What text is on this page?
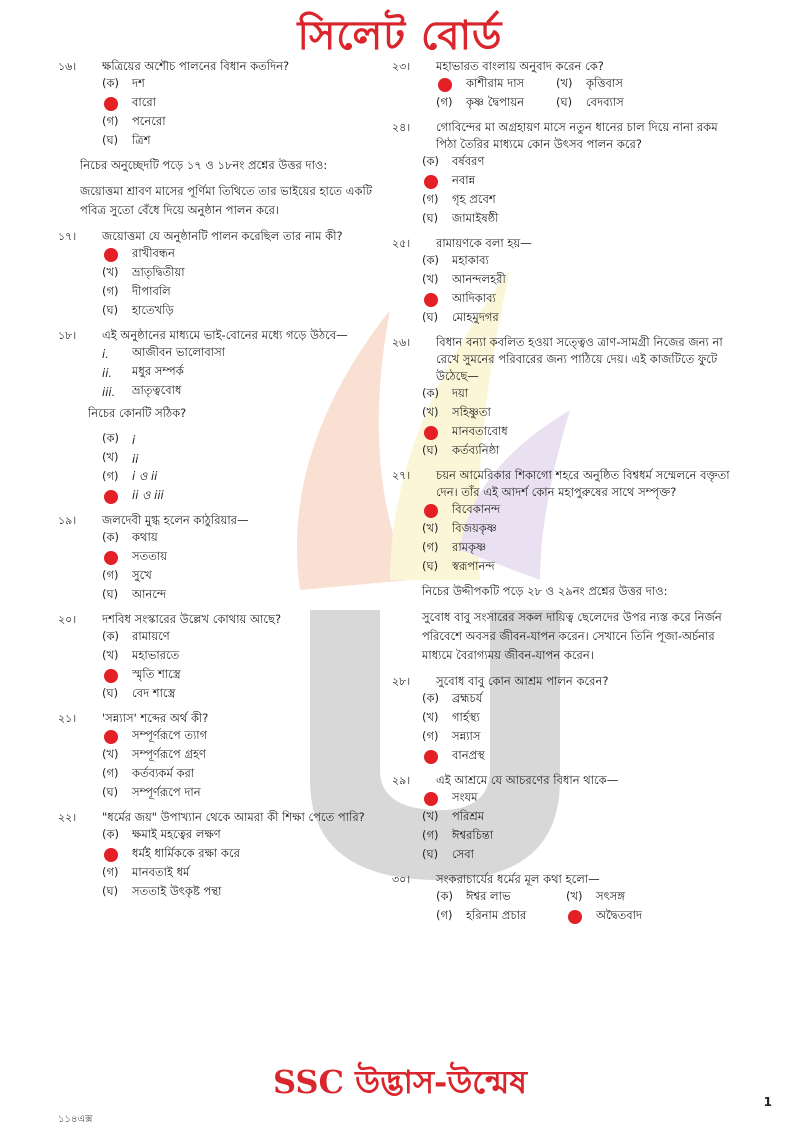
সিলেট বোর্ড
১৬।	ক্ষত্রিয়ের অশৌচ পালনের বিধান কতদিন?
(ক)	দশ
বারো
(গ)	পনেরো
(ঘ)	ত্রিশ
নিচের অনুচ্ছেদটি পড়ে ১৭ ও ১৮নং প্রশ্নের উত্তর দাও:
জয়োত্তমা শ্রাবণ মাসের পূর্ণিমা তিথিতে তার ভাইয়ের হাতে একটি পবিত্র সুতো বেঁধে দিয়ে অনুষ্ঠান পালন করে।
১৭।	জয়োত্তমা যে অনুষ্ঠানটি পালন করেছিল তার নাম কী?
রাখীবন্ধন
(খ)	ভ্রাতৃদ্বিতীয়া
(গ)	দীপাবলি
(ঘ)	হাতেখড়ি
১৮।	এই অনুষ্ঠানের মাধ্যমে ভাই-বোনের মধ্যে গড়ে উঠবে—
i.	আজীবন ভালোবাসা
ii.	মধুর সম্পর্ক
iii.	ভ্রাতৃত্ববোধ
নিচের কোনটি সঠিক?
(ক)	i
(খ)	ii
(গ)	i ও ii
ii ও iii
১৯।	জলদেবী মুগ্ধ হলেন কাঠুরিয়ার—
(ক)	কথায়
সততায়
(গ)	সুখে
(ঘ)	আনন্দে
২০।	দশবিধ সংস্কারের উল্লেখ কোথায় আছে?
(ক)	রামায়ণে
(খ)	মহাভারতে
স্মৃতি শাস্ত্রে
(ঘ)	বেদ শাস্ত্রে
২১।	'সন্ন্যাস' শব্দের অর্থ কী?
সম্পূর্ণরূপে ত্যাগ
(খ)	সম্পূর্ণরূপে গ্রহণ
(গ)	কর্তব্যকর্ম করা
(ঘ)	সম্পূর্ণরূপে দান
২২।	"ধর্মের জয়" উপাখ্যান থেকে আমরা কী শিক্ষা পেতে পারি?
(ক)	ক্ষমাই মহত্বের লক্ষণ
ধর্মই ধার্মিককে রক্ষা করে
(গ)	মানবতাই ধর্ম
(ঘ)	সততাই উৎকৃষ্ট পন্থা
২৩।	মহাভারত বাংলায় অনুবাদ করেন কে?
কাশীরাম দাস	(খ)	কৃত্তিবাস
(গ)	কৃষ্ণ দ্বৈপায়ন	(ঘ)	বেদব্যাস
২৪।	গোবিন্দের মা অগ্রহায়ণ মাসে নতুন ধানের চাল দিয়ে নানা রকম পিঠা তৈরির মাধ্যমে কোন উৎসব পালন করে?
(ক)	বর্ষবরণ
নবান্ন
(গ)	গৃহ প্রবেশ
(ঘ)	জামাইষষ্ঠী
২৫।	রামায়ণকে বলা হয়—
(ক)	মহাকাব্য
(খ)	আনন্দলহরী
আদিকাব্য
(ঘ)	মোহমুদগর
২৬।	বিধান বন্যা কবলিত হওয়া সত্ত্বেও ত্রাণ-সামগ্রী নিজের জন্য না রেখে সুমনের পরিবারের জন্য পাঠিয়ে দেয়। এই কাজটিতে ফুটে উঠেছে—
(ক)	দয়া
(খ)	সহিষ্ণুতা
মানবতাবোধ
(ঘ)	কর্তব্যনিষ্ঠা
২৭।	চয়ন আমেরিকার শিকাগো শহরে অনুষ্ঠিত বিশ্বধর্ম সম্মেলনে বক্তৃতা দেন। তাঁর এই আদর্শ কোন মহাপুরুষের সাথে সম্পৃক্ত?
বিবেকানন্দ
(খ)	বিজয়কৃষ্ণ
(গ)	রামকৃষ্ণ
(ঘ)	স্বরূপানন্দ
নিচের উদ্দীপকটি পড়ে ২৮ ও ২৯নং প্রশ্নের উত্তর দাও:
সুবোধ বাবু সংসারের সকল দায়িত্ব ছেলেদের উপর ন্যস্ত করে নির্জন পরিবেশে অবসর জীবন-যাপন করেন। সেখানে তিনি পূজা-অর্চনার মাধ্যমে বৈরাগ্যময় জীবন-যাপন করেন।
২৮।	সুবোধ বাবু কোন আশ্রম পালন করেন?
(ক)	ব্রহ্মচর্য
(খ)	গার্হস্থ্য
(গ)	সন্ন্যাস
বানপ্রস্থ
২৯।	এই আশ্রমে যে আচরণের বিধান থাকে—
সংযম
(খ)	পরিশ্রম
(গ)	ঈশ্বরচিন্তা
(ঘ)	সেবা
৩০।	সংকরাচার্যের ধর্মের মূল কথা হলো—
(ক)	ঈশ্বর লাভ	(খ)	সৎসঙ্গ
(গ)	হরিনাম প্রচার	অদ্বৈতবাদ
SSC উদ্ভাস-উন্মেষ
১১৪এক্স
1
